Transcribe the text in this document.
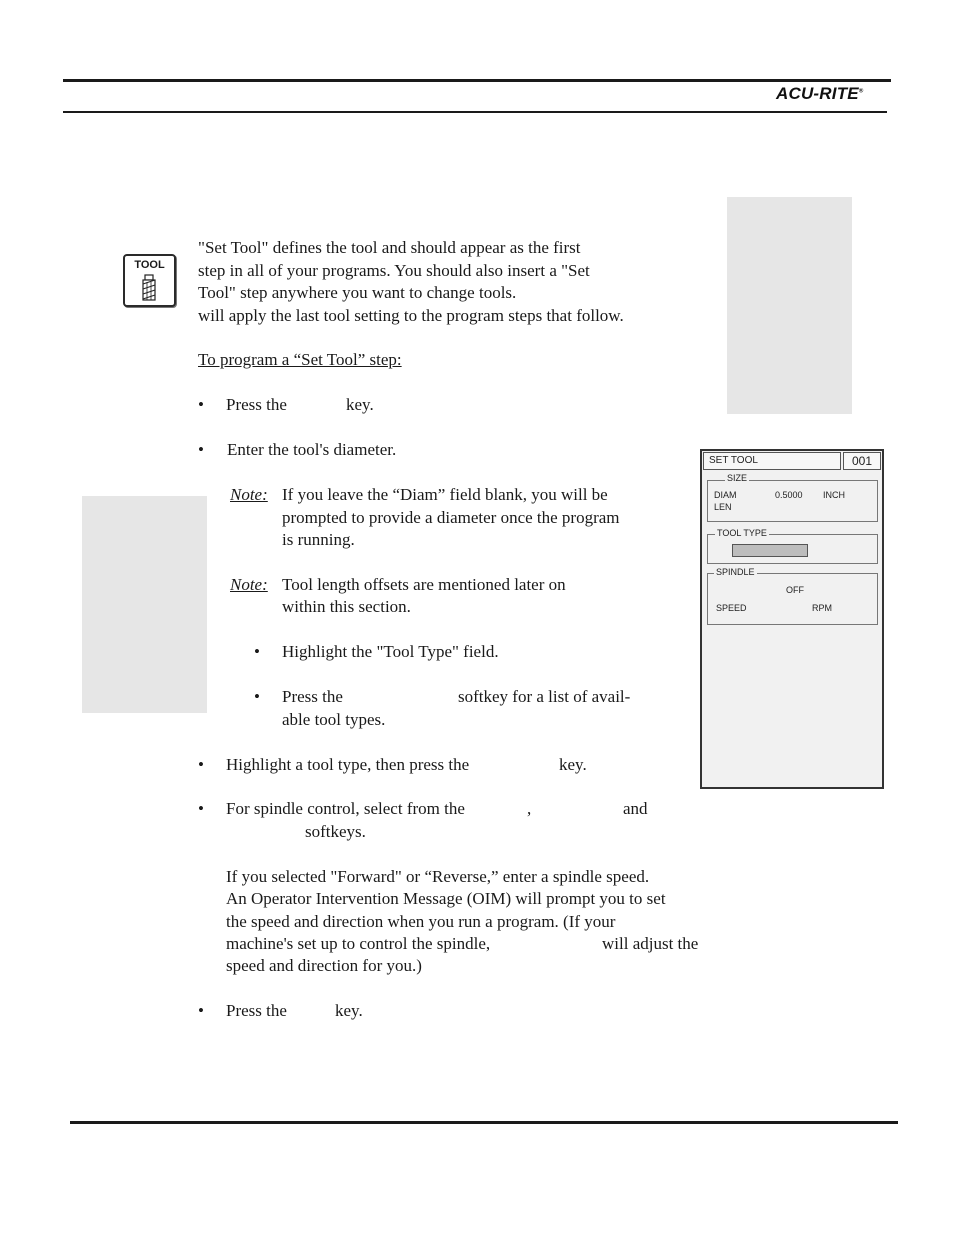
ACU-RITE®
TOOL
"Set Tool" defines the tool and should appear as the first
step in all of your programs. You should also insert a "Set
Tool" step anywhere you want to change tools.
will apply the last tool setting to the program steps that follow.
To program a “Set Tool” step:
• Press the	key.
• Enter the tool's diameter.
Note: If you leave the “Diam” field blank, you will be
prompted to provide a diameter once the program
is running.
Note: Tool length offsets are mentioned later on
within this section.
• Highlight the "Tool Type" field.
• Press the	softkey for a list of avail-
able tool types.
• Highlight a tool type, then press the	key.
• For spindle control, select from the	,	and
softkeys.
If you selected "Forward" or “Reverse,” enter a spindle speed.
An Operator Intervention Message (OIM) will prompt you to set
the speed and direction when you run a program. (If your
machine's set up to control the spindle,	will adjust the
speed and direction for you.)
• Press the	key.
SET TOOL	001
SIZE
DIAM	0.5000 INCH
LEN
TOOL TYPE
SPINDLE
OFF
SPEED	RPM
